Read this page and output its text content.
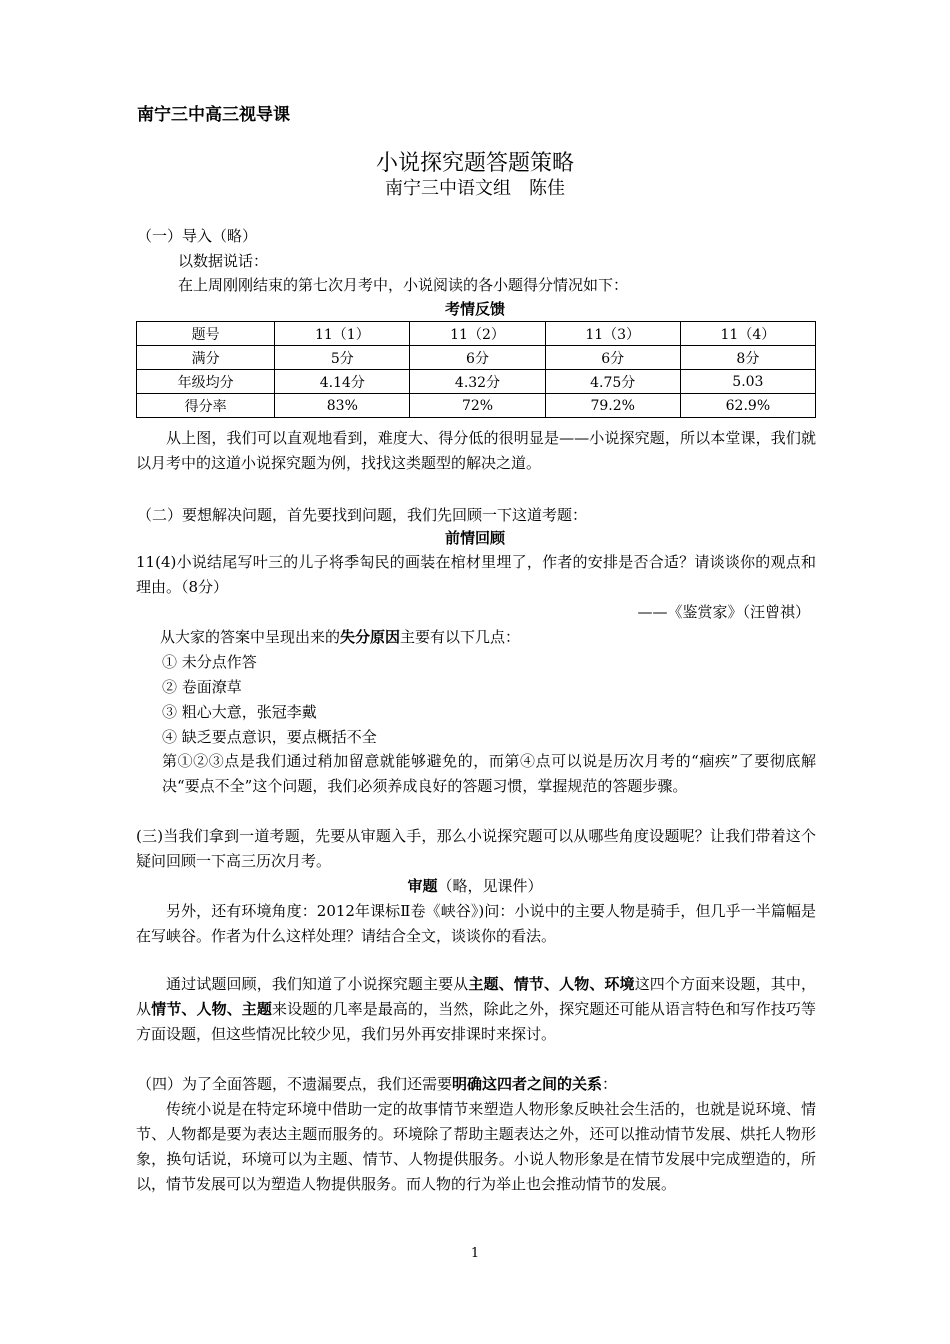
南宁三中高三视导课
小说探究题答题策略
南宁三中语文组　陈佳
（一）导入（略）
以数据说话：
在上周刚刚结束的第七次月考中，小说阅读的各小题得分情况如下：
考情反馈
题号	11（1）	11（2）	11（3）	11（4）
满分	5分	6分	6分	8分
年级均分	4.14分	4.32分	4.75分	5.03
得分率	83%	72%	79.2%	62.9%
从上图，我们可以直观地看到，难度大、得分低的很明显是——小说探究题，所以本堂课，我们就以月考中的这道小说探究题为例，找找这类题型的解决之道。
（二）要想解决问题，首先要找到问题，我们先回顾一下这道考题：
前情回顾
11(4)小说结尾写叶三的儿子将季匋民的画装在棺材里埋了，作者的安排是否合适？请谈谈你的观点和理由。（8分）
——《鉴赏家》（汪曾祺）
从大家的答案中呈现出来的失分原因主要有以下几点：
① 未分点作答
② 卷面潦草
③ 粗心大意，张冠李戴
④ 缺乏要点意识，要点概括不全
第①②③点是我们通过稍加留意就能够避免的，而第④点可以说是历次月考的“痼疾”了要彻底解决“要点不全”这个问题，我们必须养成良好的答题习惯，掌握规范的答题步骤。
(三)当我们拿到一道考题，先要从审题入手，那么小说探究题可以从哪些角度设题呢？让我们带着这个疑问回顾一下高三历次月考。
审题（略，见课件）
另外，还有环境角度：2012年课标Ⅱ卷《峡谷》)问：小说中的主要人物是骑手，但几乎一半篇幅是在写峡谷。作者为什么这样处理？请结合全文，谈谈你的看法。
通过试题回顾，我们知道了小说探究题主要从主题、情节、人物、环境这四个方面来设题，其中，从情节、人物、主题来设题的几率是最高的，当然，除此之外，探究题还可能从语言特色和写作技巧等方面设题，但这些情况比较少见，我们另外再安排课时来探讨。
（四）为了全面答题，不遗漏要点，我们还需要明确这四者之间的关系：
传统小说是在特定环境中借助一定的故事情节来塑造人物形象反映社会生活的，也就是说环境、情节、人物都是要为表达主题而服务的。环境除了帮助主题表达之外，还可以推动情节发展、烘托人物形象，换句话说，环境可以为主题、情节、人物提供服务。小说人物形象是在情节发展中完成塑造的，所以，情节发展可以为塑造人物提供服务。而人物的行为举止也会推动情节的发展。
1
